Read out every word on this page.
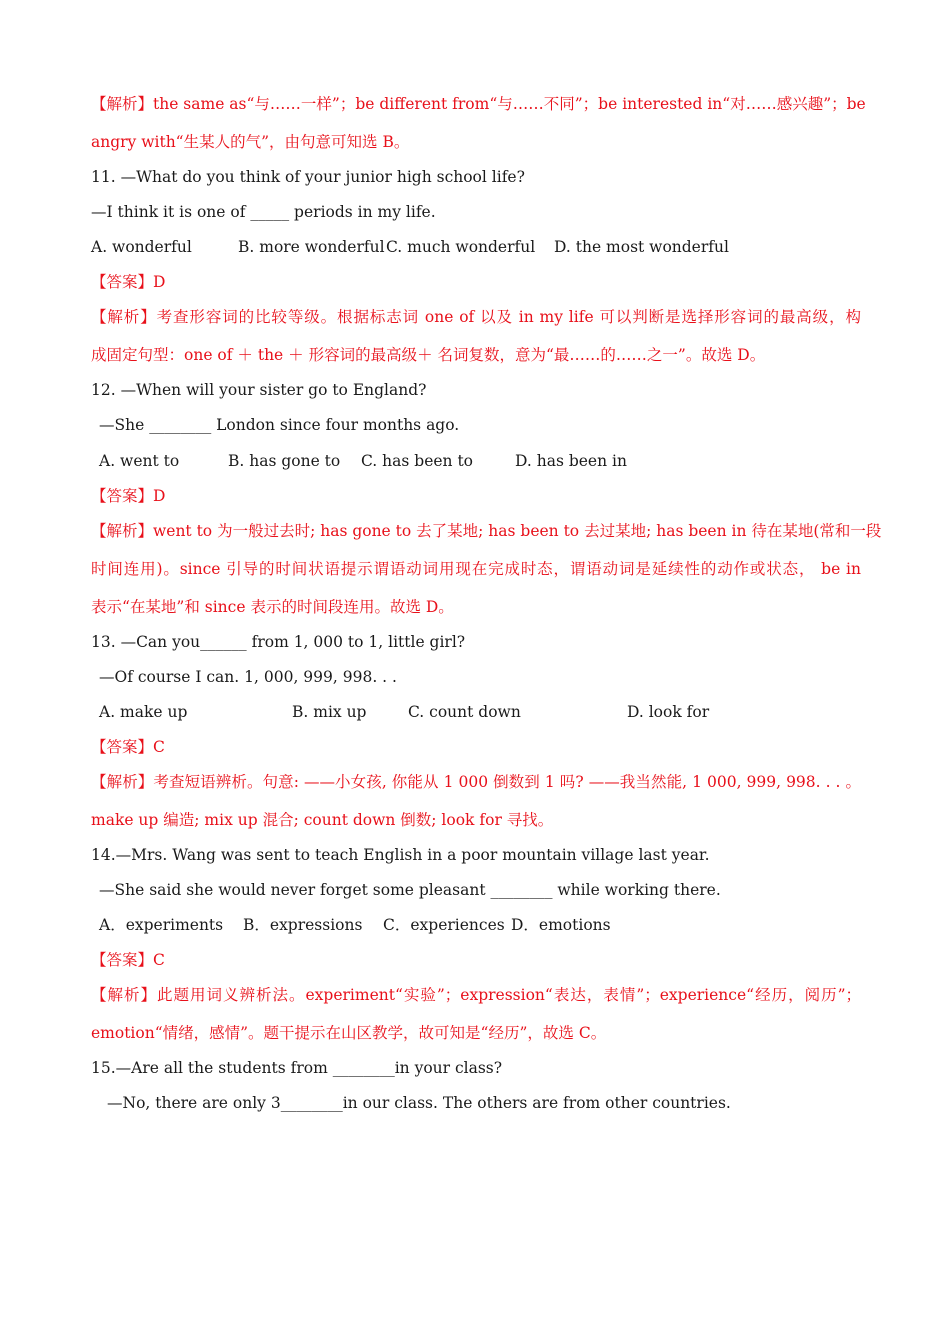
【解析】the same as“与……一样”；be different from“与……不同”；be interested in“对……感兴趣”；be
angry with“生某人的气”，由句意可知选 B。
11. —What do you think of your junior high school life?
—I think it is one of _____ periods in my life.
A. wonderful	B. more wonderful C. much wonderful D. the most wonderful
【答案】D
【解析】考查形容词的比较等级。根据标志词 one of 以及 in my life 可以判断是选择形容词的最高级，构
成固定句型：one of ＋ the ＋ 形容词的最高级＋ 名词复数，意为“最……的……之一”。故选 D。
12. —When will your sister go to England?
—She ________ London since four months ago.
A. went to	B. has gone to C. has been to	D. has been in
【答案】D
【解析】went to 为一般过去时; has gone to 去了某地; has been to 去过某地; has been in 待在某地(常和一段
时间连用)。since 引导的时间状语提示谓语动词用现在完成时态，谓语动词是延续性的动作或状态， be in
表示“在某地”和 since 表示的时间段连用。故选 D。
13. —Can you______ from 1, 000 to 1, little girl?
—Of course I can. 1, 000, 999, 998. . .
A. make up	B. mix up	C. count down	D. look for
【答案】C
【解析】考查短语辨析。句意: ——小女孩, 你能从 1 000 倒数到 1 吗? ——我当然能, 1 000, 999, 998. . . 。
make up 编造; mix up 混合; count down 倒数; look for 寻找。
14.—Mrs. Wang was sent to teach English in a poor mountain village last year.
—She said she would never forget some pleasant ________ while working there.
A．experiments B．expressions C．experiences D．emotions
【答案】C
【解析】此题用词义辨析法。experiment“实验”；expression“表达，表情”；experience“经历，阅历”；
emotion“情绪，感情”。题干提示在山区教学，故可知是“经历”，故选 C。
15.—Are all the students from ________in your class?
—No, there are only 3________in our class. The others are from other countries.
